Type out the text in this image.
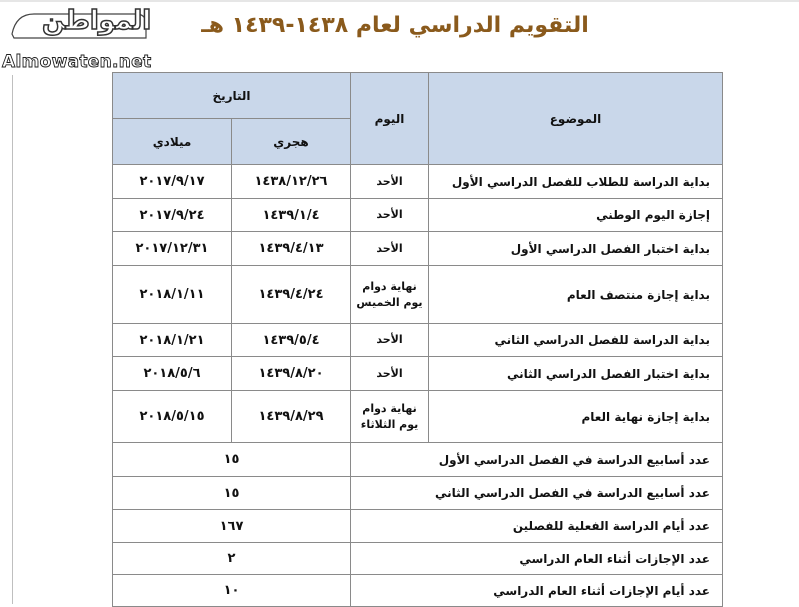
المواطن
Almowaten.net
التقويم الدراسي لعام ١٤٣٨-١٤٣٩ هـ
الموضوع	اليوم	التاريخ	
		هجري	ميلادي
بداية الدراسة للطلاب للفصل الدراسي الأول	الأحد	١٤٣٨/١٢/٢٦	٢٠١٧/٩/١٧
إجازة اليوم الوطني	الأحد	١٤٣٩/١/٤	٢٠١٧/٩/٢٤
بداية اختبار الفصل الدراسي الأول	الأحد	١٤٣٩/٤/١٣	٢٠١٧/١٢/٣١
بداية إجازة منتصف العام	نهاية دوام يوم الخميس	١٤٣٩/٤/٢٤	٢٠١٨/١/١١
بداية الدراسة للفصل الدراسي الثاني	الأحد	١٤٣٩/٥/٤	٢٠١٨/١/٢١
بداية اختبار الفصل الدراسي الثاني	الأحد	١٤٣٩/٨/٢٠	٢٠١٨/٥/٦
بداية إجازة نهاية العام	نهاية دوام يوم الثلاثاء	١٤٣٩/٨/٢٩	٢٠١٨/٥/١٥
عدد أسابيع الدراسة في الفصل الدراسي الأول		١٥	
عدد أسابيع الدراسة في الفصل الدراسي الثاني		١٥	
عدد أيام الدراسة الفعلية للفصلين		١٦٧	
عدد الإجازات أثناء العام الدراسي		٢	
عدد أيام الإجازات أثناء العام الدراسي		١٠	
